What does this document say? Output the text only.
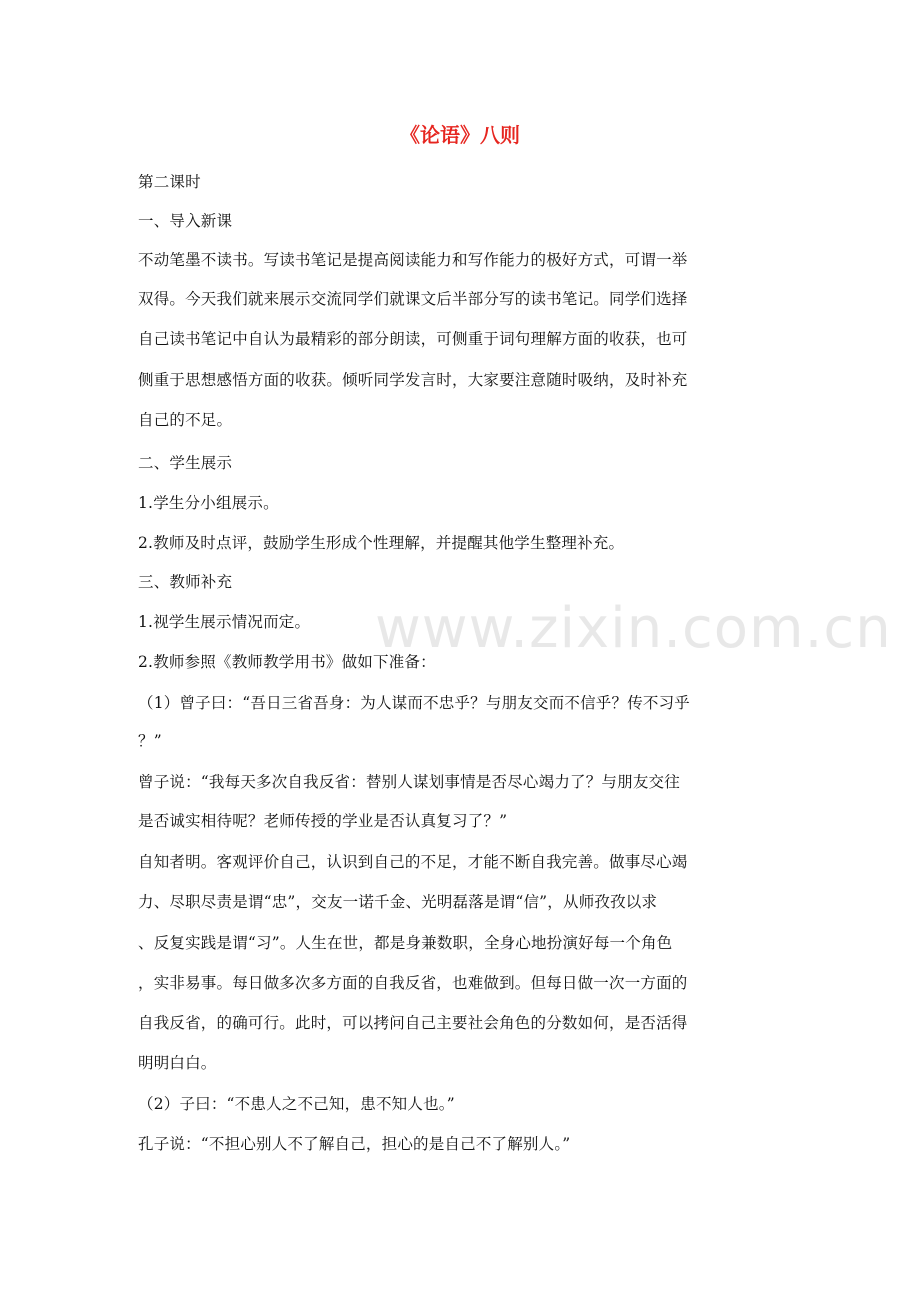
《论语》八则
第二课时
一、导入新课
不动笔墨不读书。写读书笔记是提高阅读能力和写作能力的极好方式，可谓一举
双得。今天我们就来展示交流同学们就课文后半部分写的读书笔记。同学们选择
自己读书笔记中自认为最精彩的部分朗读，可侧重于词句理解方面的收获，也可
侧重于思想感悟方面的收获。倾听同学发言时，大家要注意随时吸纳，及时补充
自己的不足。
二、学生展示
1.学生分小组展示。
2.教师及时点评，鼓励学生形成个性理解，并提醒其他学生整理补充。
三、教师补充
1.视学生展示情况而定。
2.教师参照《教师教学用书》做如下准备：
（1）曾子曰：“吾日三省吾身：为人谋而不忠乎？与朋友交而不信乎？传不习乎
？”
曾子说：“我每天多次自我反省：替别人谋划事情是否尽心竭力了？与朋友交往
是否诚实相待呢？老师传授的学业是否认真复习了？”
自知者明。客观评价自己，认识到自己的不足，才能不断自我完善。做事尽心竭
力、尽职尽责是谓“忠”，交友一诺千金、光明磊落是谓“信”，从师孜孜以求
、反复实践是谓“习”。人生在世，都是身兼数职，全身心地扮演好每一个角色
，实非易事。每日做多次多方面的自我反省，也难做到。但每日做一次一方面的
自我反省，的确可行。此时，可以拷问自己主要社会角色的分数如何，是否活得
明明白白。
（2）子曰：“不患人之不己知，患不知人也。”
孔子说：“不担心别人不了解自己，担心的是自己不了解别人。”
www.zixin.com.cn
